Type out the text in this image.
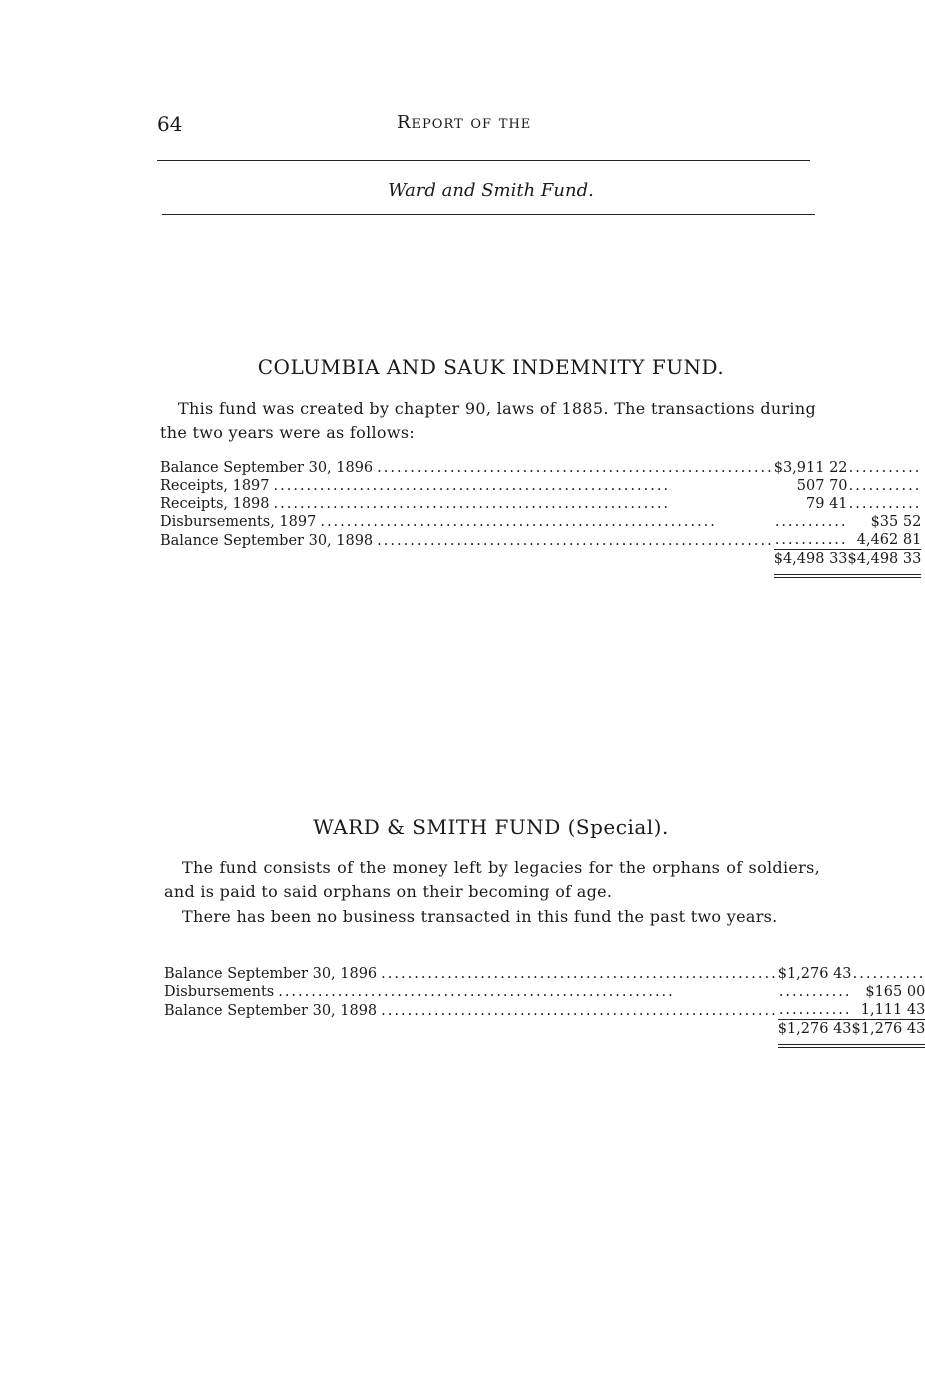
64	Report of the
Ward and Smith Fund.
COLUMBIA AND SAUK INDEMNITY FUND.
This fund was created by chapter 90, laws of 1885. The transactions during the two years were as follows:
Balance September 30, 1896 ............................................................	$3,911 22		...........
Receipts, 1897 ............................................................	507 70		...........
Receipts, 1898 ............................................................	79 41		...........
Disbursements, 1897 ............................................................	...........		$35 52
Balance September 30, 1898 ............................................................	...........		4,462 81
	$4,498 33		$4,498 33
WARD & SMITH FUND (Special).
The fund consists of the money left by legacies for the orphans of soldiers, and is paid to said orphans on their becoming of age.
There has been no business transacted in this fund the past two years.
Balance September 30, 1896 ............................................................	$1,276 43		...........
Disbursements ............................................................	...........		$165 00
Balance September 30, 1898 ............................................................	...........		1,111 43
	$1,276 43		$1,276 43
